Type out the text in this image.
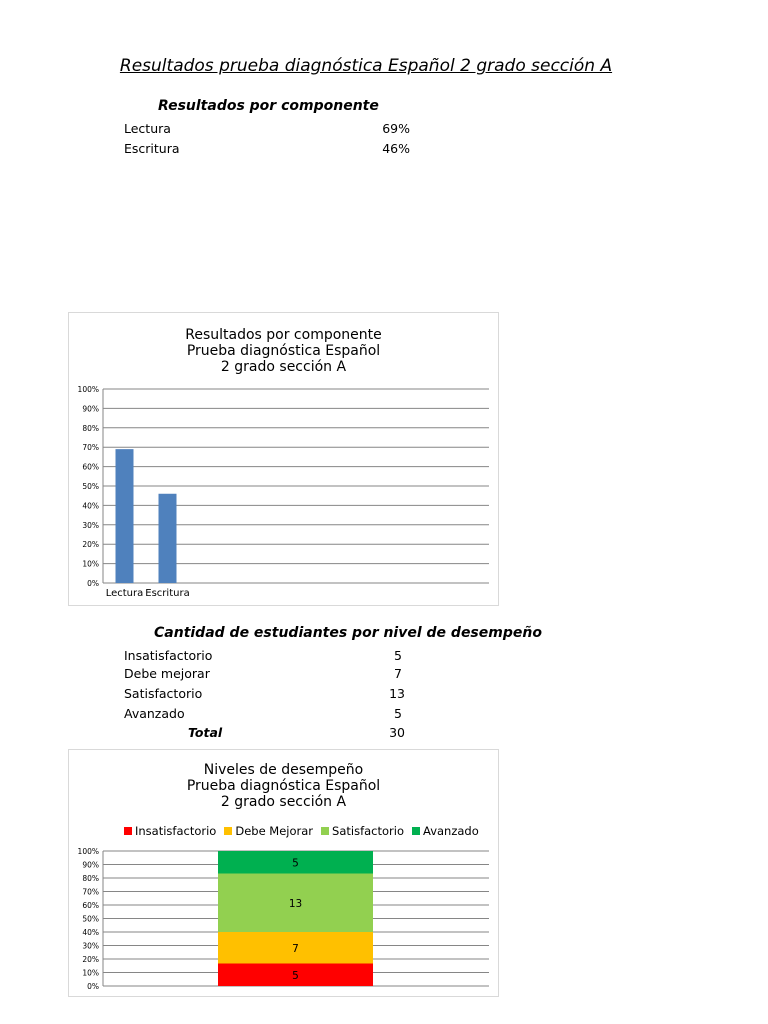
Resultados prueba diagnóstica Español 2 grado sección A
Resultados por componente
Lectura	69%
Escritura	46%
Resultados por componente
Prueba diagnóstica Español
2 grado sección A
0%
10%
20%
30%
40%
50%
60%
70%
80%
90%
100%
Lectura Escritura
Cantidad de estudiantes por nivel de desempeño
Insatisfactorio	5
Debe mejorar	7
Satisfactorio	13
Avanzado	5
Total	30
Niveles de desempeño
Prueba diagnóstica Español
2 grado sección A
Insatisfactorio Debe Mejorar Satisfactorio Avanzado
0%
10%
20%
30%
40%
50%
60%
70%
80%
90%
100%
5
7
13
5
